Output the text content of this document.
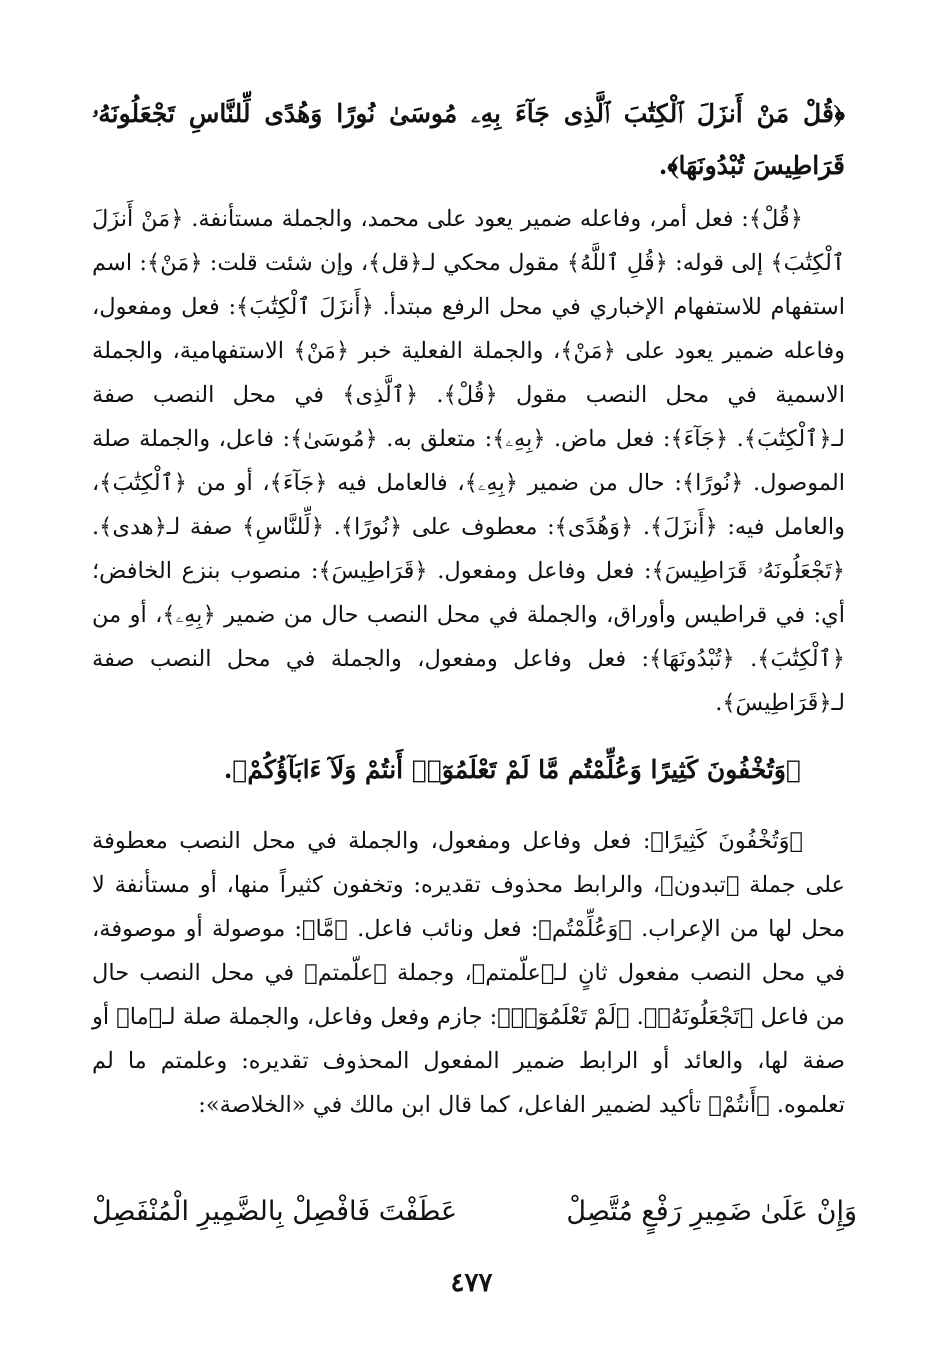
﴿قُلْ مَنْ أَنزَلَ ٱلْكِتَٰبَ ٱلَّذِى جَآءَ بِهِۦ مُوسَىٰ نُورًا وَهُدًى لِّلنَّاسِ تَجْعَلُونَهُۥ قَرَاطِيسَ تُبْدُونَهَا﴾.

﴿قُلْ﴾: فعل أمر، وفاعله ضمير يعود على محمد، والجملة مستأنفة. ﴿مَنْ أَنزَلَ ٱلْكِتَٰبَ﴾ إلى قوله: ﴿قُلِ ٱللَّهُ﴾ مقول محكي لـ﴿قل﴾، وإن شئت قلت: ﴿مَنْ﴾: اسم استفهام للاستفهام الإخباري في محل الرفع مبتدأ. ﴿أَنزَلَ ٱلْكِتَٰبَ﴾: فعل ومفعول، وفاعله ضمير يعود على ﴿مَنْ﴾، والجملة الفعلية خبر ﴿مَنْ﴾ الاستفهامية، والجملة الاسمية في محل النصب مقول ﴿قُلْ﴾. ﴿ٱلَّذِى﴾ في محل النصب صفة لـ﴿ٱلْكِتَٰبَ﴾. ﴿جَآءَ﴾: فعل ماض. ﴿بِهِۦ﴾: متعلق به. ﴿مُوسَىٰ﴾: فاعل، والجملة صلة الموصول. ﴿نُورًا﴾: حال من ضمير ﴿بِهِۦ﴾، فالعامل فيه ﴿جَآءَ﴾، أو من ﴿ٱلْكِتَٰبَ﴾، والعامل فيه: ﴿أَنزَلَ﴾. ﴿وَهُدًى﴾: معطوف على ﴿نُورًا﴾. ﴿لِّلنَّاسِ﴾ صفة لـ﴿هدى﴾. ﴿تَجْعَلُونَهُۥ قَرَاطِيسَ﴾: فعل وفاعل ومفعول. ﴿قَرَاطِيسَ﴾: منصوب بنزع الخافض؛ أي: في قراطيس وأوراق، والجملة في محل النصب حال من ضمير ﴿بِهِۦ﴾، أو من ﴿ٱلْكِتَٰبَ﴾. ﴿تُبْدُونَهَا﴾: فعل وفاعل ومفعول، والجملة في محل النصب صفة لـ﴿قَرَاطِيسَ﴾.

﴿وَتُخْفُونَ كَثِيرًا وَعُلِّمْتُم مَّا لَمْ تَعْلَمُوٓا۟ أَنتُمْ وَلَآ ءَابَآؤُكُمْ﴾.

﴿وَتُخْفُونَ كَثِيرًا﴾: فعل وفاعل ومفعول، والجملة في محل النصب معطوفة على جملة ﴿تبدون﴾، والرابط محذوف تقديره: وتخفون كثيراً منها، أو مستأنفة لا محل لها من الإعراب. ﴿وَعُلِّمْتُم﴾: فعل ونائب فاعل. ﴿مَّا﴾: موصولة أو موصوفة، في محل النصب مفعول ثانٍ لـ﴿علّمتم﴾، وجملة ﴿علّمتم﴾ في محل النصب حال من فاعل ﴿تَجْعَلُونَهُۥ﴾. ﴿لَمْ تَعْلَمُوٓا۟﴾: جازم وفعل وفاعل، والجملة صلة لـ﴿ما﴾ أو صفة لها، والعائد أو الرابط ضمير المفعول المحذوف تقديره: وعلمتم ما لم تعلموه. ﴿أَنتُمْ﴾ تأكيد لضمير الفاعل، كما قال ابن مالك في «الخلاصة»:

وَإِنْ عَلَىٰ ضَمِيرِ رَفْعٍ مُتَّصِلْ
عَطَفْتَ فَافْصِلْ بِالضَّمِيرِ الْمُنْفَصِلْ
٤٧٧
